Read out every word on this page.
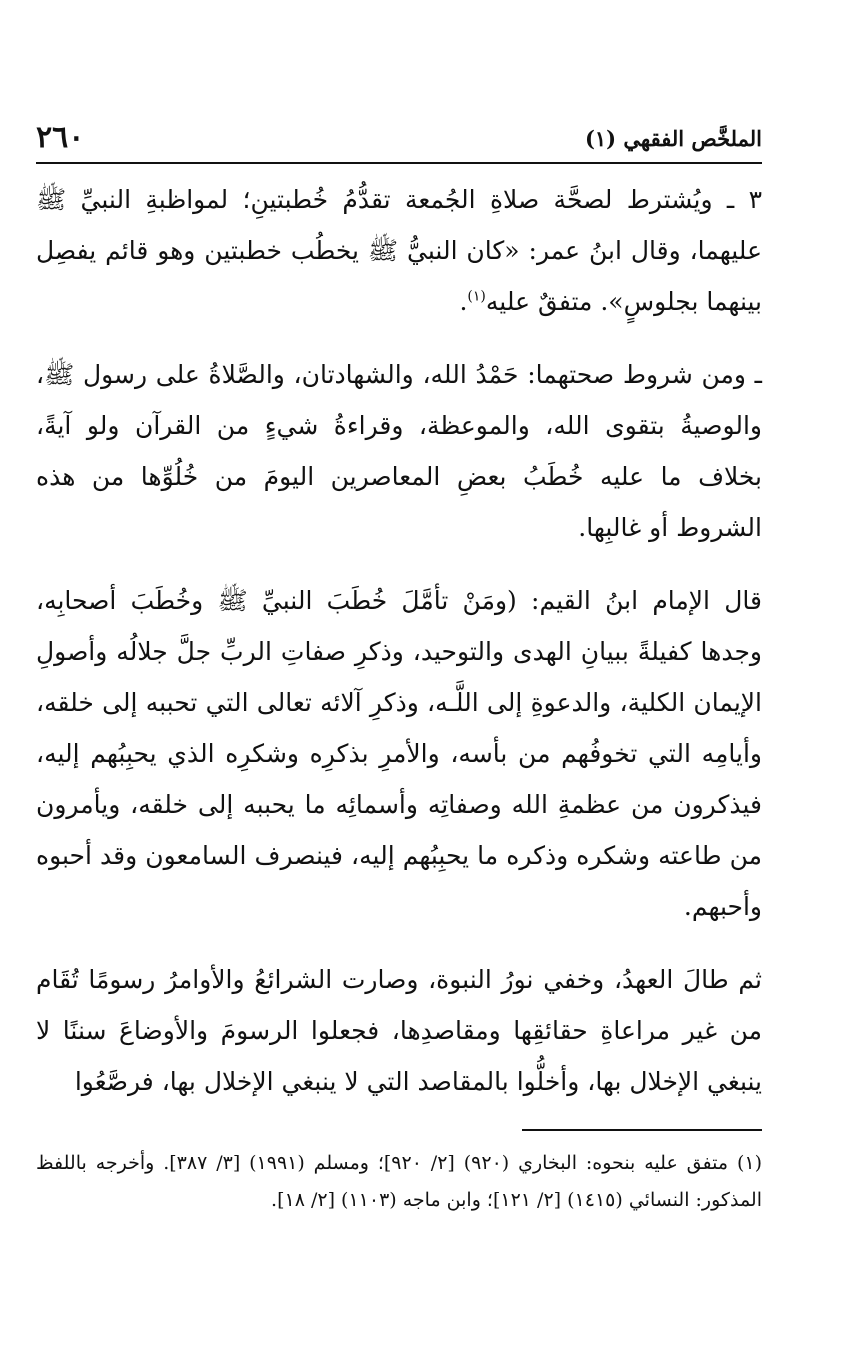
٢٦٠	الملخَّص الفقهي (١)

٣ ـ ويُشترط لصحَّة صلاةِ الجُمعة تقدُّمُ خُطبتينِ؛ لمواظبةِ النبيِّ ﷺ عليهما، وقال ابنُ عمر: «كان النبيُّ ﷺ يخطُب خطبتين وهو قائم يفصِل بينهما بجلوسٍ». متفقٌ عليه$^{(١)}$.

ـ ومن شروط صحتهما: حَمْدُ الله، والشهادتان، والصَّلاةُ على رسول ﷺ، والوصيةُ بتقوى الله، والموعظة، وقراءةُ شيءٍ من القرآن ولو آيةً، بخلاف ما عليه خُطَبُ بعضِ المعاصرين اليومَ من خُلُوِّها من هذه الشروط أو غالبِها.

قال الإمام ابنُ القيم: (ومَنْ تأمَّلَ خُطَبَ النبيِّ ﷺ وخُطَبَ أصحابِه، وجدها كفيلةً ببيانِ الهدى والتوحيد، وذكرِ صفاتِ الربِّ جلَّ جلالُه وأصولِ الإيمان الكلية، والدعوةِ إلى اللَّـه، وذكرِ آلائه تعالى التي تحببه إلى خلقه، وأيامِه التي تخوفُهم من بأسه، والأمرِ بذكرِه وشكرِه الذي يحبِبُهم إليه، فيذكرون من عظمةِ الله وصفاتِه وأسمائِه ما يحببه إلى خلقه، ويأمرون من طاعته وشكره وذكره ما يحبِبُهم إليه، فينصرف السامعون وقد أحبوه وأحبهم.

ثم طالَ العهدُ، وخفي نورُ النبوة، وصارت الشرائعُ والأوامرُ رسومًا تُقَام من غير مراعاةِ حقائقِها ومقاصدِها، فجعلوا الرسومَ والأوضاعَ سننًا لا ينبغي الإخلال بها، وأخلُّوا بالمقاصد التي لا ينبغي الإخلال بها، فرصَّعُوا

(١) متفق عليه بنحوه: البخاري (٩٢٠) [٢/ ٩٢٠]؛ ومسلم (١٩٩١) [٣/ ٣٨٧]. وأخرجه باللفظ المذكور: النسائي (١٤١٥) [٢/ ١٢١]؛ وابن ماجه (١١٠٣) [٢/ ١٨].
